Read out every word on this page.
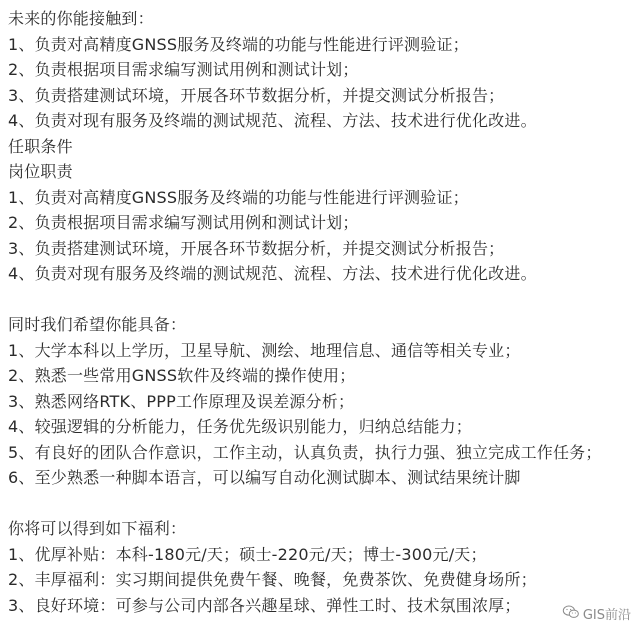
未来的你能接触到：
1、负责对高精度GNSS服务及终端的功能与性能进行评测验证；
2、负责根据项目需求编写测试用例和测试计划；
3、负责搭建测试环境，开展各环节数据分析，并提交测试分析报告；
4、负责对现有服务及终端的测试规范、流程、方法、技术进行优化改进。
任职条件
岗位职责
1、负责对高精度GNSS服务及终端的功能与性能进行评测验证；
2、负责根据项目需求编写测试用例和测试计划；
3、负责搭建测试环境，开展各环节数据分析，并提交测试分析报告；
4、负责对现有服务及终端的测试规范、流程、方法、技术进行优化改进。
同时我们希望你能具备：
1、大学本科以上学历，卫星导航、测绘、地理信息、通信等相关专业；
2、熟悉一些常用GNSS软件及终端的操作使用；
3、熟悉网络RTK、PPP工作原理及误差源分析；
4、较强逻辑的分析能力，任务优先级识别能力，归纳总结能力；
5、有良好的团队合作意识，工作主动，认真负责，执行力强、独立完成工作任务；
6、至少熟悉一种脚本语言，可以编写自动化测试脚本、测试结果统计脚
你将可以得到如下福利：
1、优厚补贴：本科-180元/天；硕士-220元/天；博士-300元/天；
2、丰厚福利：实习期间提供免费午餐、晚餐，免费茶饮、免费健身场所；
3、良好环境：可参与公司内部各兴趣星球、弹性工时、技术氛围浓厚；
GIS前沿
